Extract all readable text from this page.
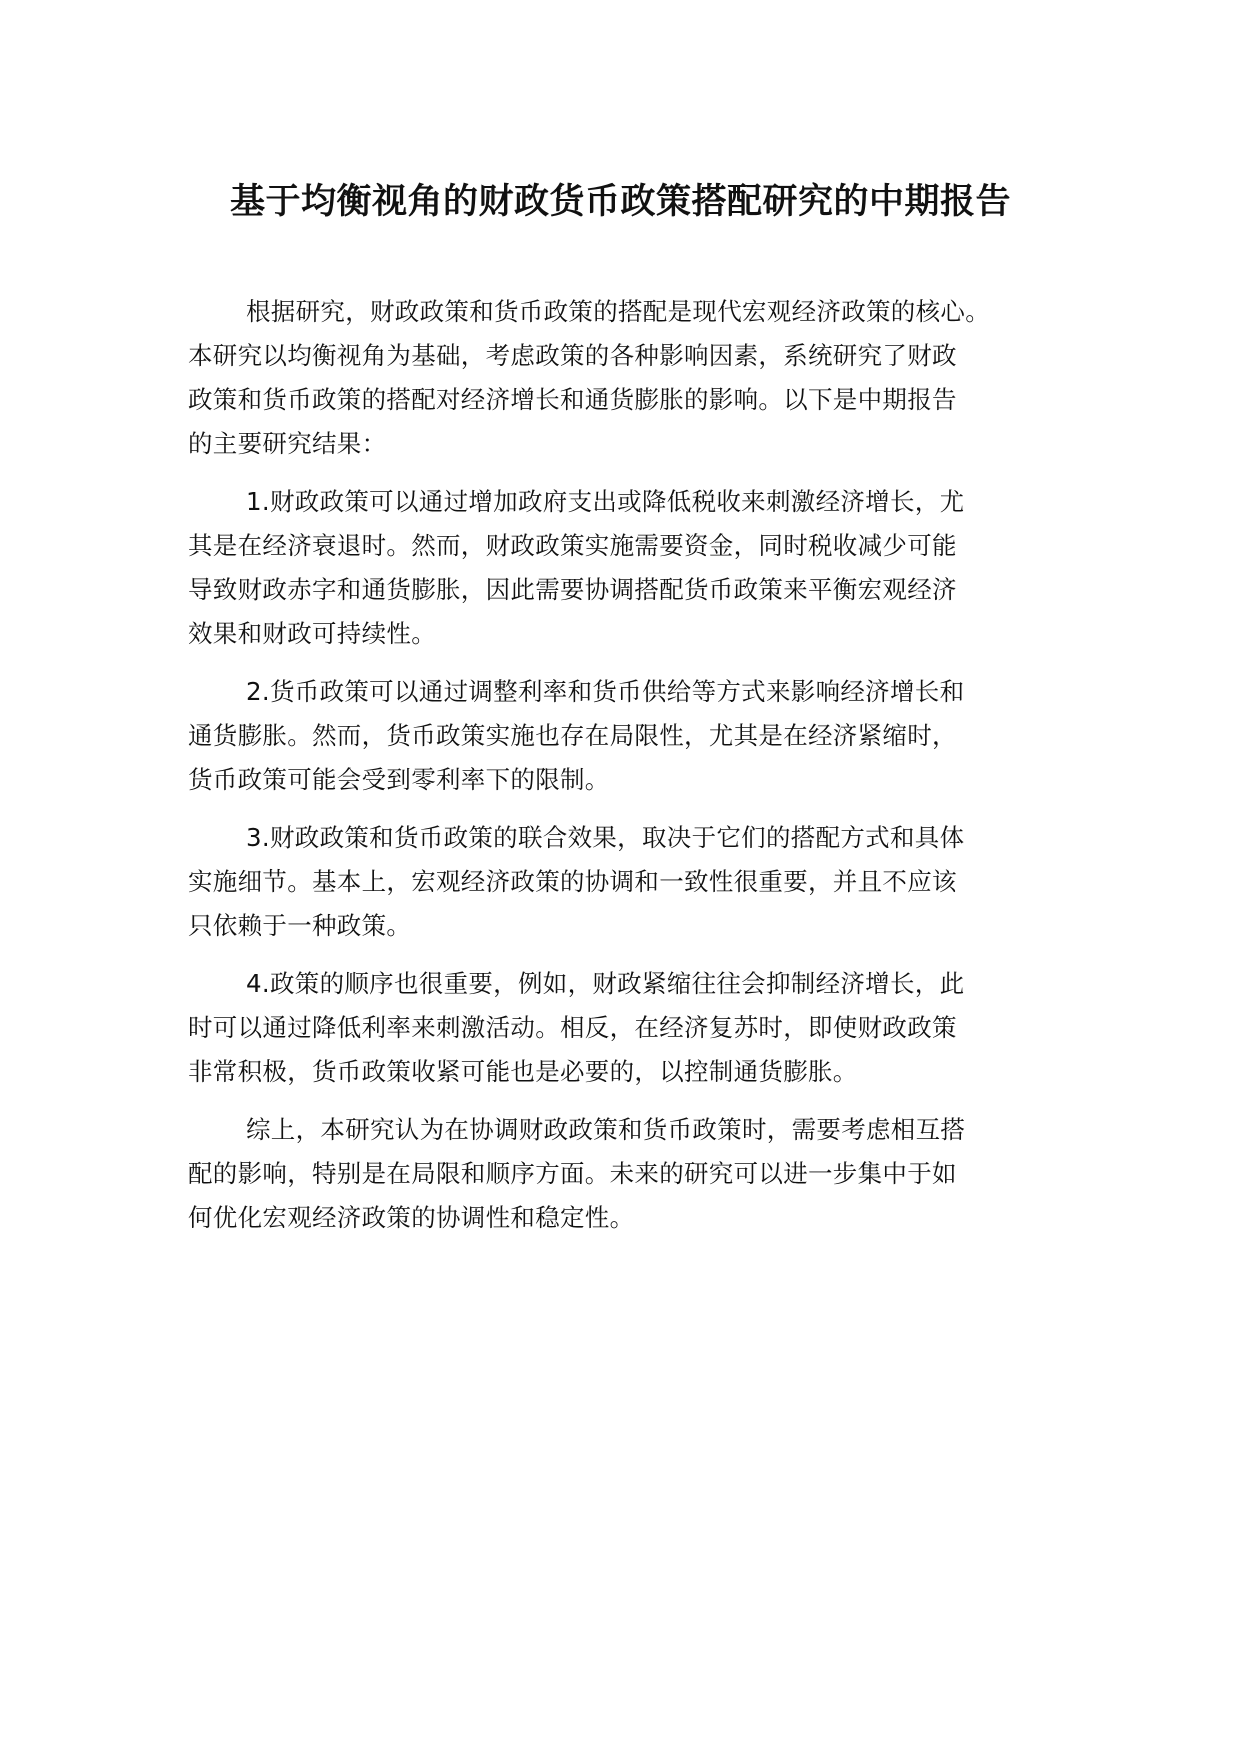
基于均衡视角的财政货币政策搭配研究的中期报告

根据研究，财政政策和货币政策的搭配是现代宏观经济政策的核心。
本研究以均衡视角为基础，考虑政策的各种影响因素，系统研究了财政
政策和货币政策的搭配对经济增长和通货膨胀的影响。以下是中期报告
的主要研究结果：

1.财政政策可以通过增加政府支出或降低税收来刺激经济增长，尤
其是在经济衰退时。然而，财政政策实施需要资金，同时税收减少可能
导致财政赤字和通货膨胀，因此需要协调搭配货币政策来平衡宏观经济
效果和财政可持续性。

2.货币政策可以通过调整利率和货币供给等方式来影响经济增长和
通货膨胀。然而，货币政策实施也存在局限性，尤其是在经济紧缩时，
货币政策可能会受到零利率下的限制。

3.财政政策和货币政策的联合效果，取决于它们的搭配方式和具体
实施细节。基本上，宏观经济政策的协调和一致性很重要，并且不应该
只依赖于一种政策。

4.政策的顺序也很重要，例如，财政紧缩往往会抑制经济增长，此
时可以通过降低利率来刺激活动。相反，在经济复苏时，即使财政政策
非常积极，货币政策收紧可能也是必要的，以控制通货膨胀。

综上，本研究认为在协调财政政策和货币政策时，需要考虑相互搭
配的影响，特别是在局限和顺序方面。未来的研究可以进一步集中于如
何优化宏观经济政策的协调性和稳定性。
